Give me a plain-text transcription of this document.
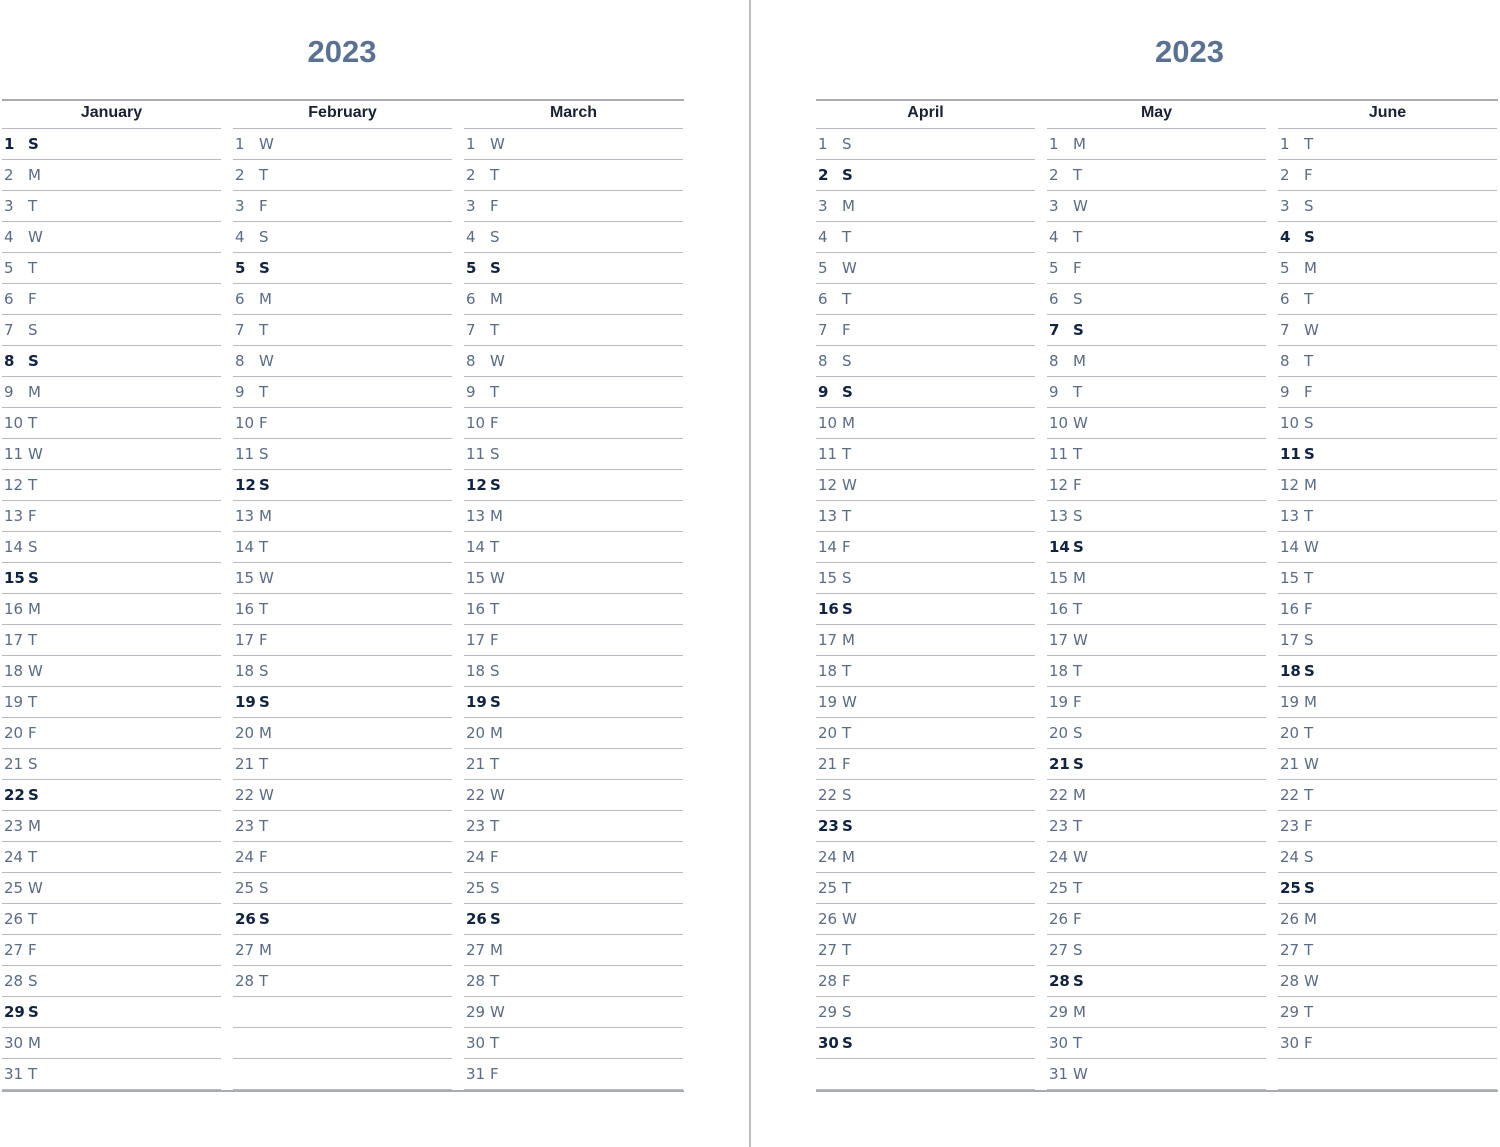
2023
January
1 S
2 M
3 T
4 W
5 T
6 F
7 S
8 S
9 M
10 T
11 W
12 T
13 F
14 S
15 S
16 M
17 T
18 W
19 T
20 F
21 S
22 S
23 M
24 T
25 W
26 T
27 F
28 S
29 S
30 M
31 T
February
1 W
2 T
3 F
4 S
5 S
6 M
7 T
8 W
9 T
10 F
11 S
12 S
13 M
14 T
15 W
16 T
17 F
18 S
19 S
20 M
21 T
22 W
23 T
24 F
25 S
26 S
27 M
28 T
March
1 W
2 T
3 F
4 S
5 S
6 M
7 T
8 W
9 T
10 F
11 S
12 S
13 M
14 T
15 W
16 T
17 F
18 S
19 S
20 M
21 T
22 W
23 T
24 F
25 S
26 S
27 M
28 T
29 W
30 T
31 F
2023
April
1 S
2 S
3 M
4 T
5 W
6 T
7 F
8 S
9 S
10 M
11 T
12 W
13 T
14 F
15 S
16 S
17 M
18 T
19 W
20 T
21 F
22 S
23 S
24 M
25 T
26 W
27 T
28 F
29 S
30 S
May
1 M
2 T
3 W
4 T
5 F
6 S
7 S
8 M
9 T
10 W
11 T
12 F
13 S
14 S
15 M
16 T
17 W
18 T
19 F
20 S
21 S
22 M
23 T
24 W
25 T
26 F
27 S
28 S
29 M
30 T
31 W
June
1 T
2 F
3 S
4 S
5 M
6 T
7 W
8 T
9 F
10 S
11 S
12 M
13 T
14 W
15 T
16 F
17 S
18 S
19 M
20 T
21 W
22 T
23 F
24 S
25 S
26 M
27 T
28 W
29 T
30 F
